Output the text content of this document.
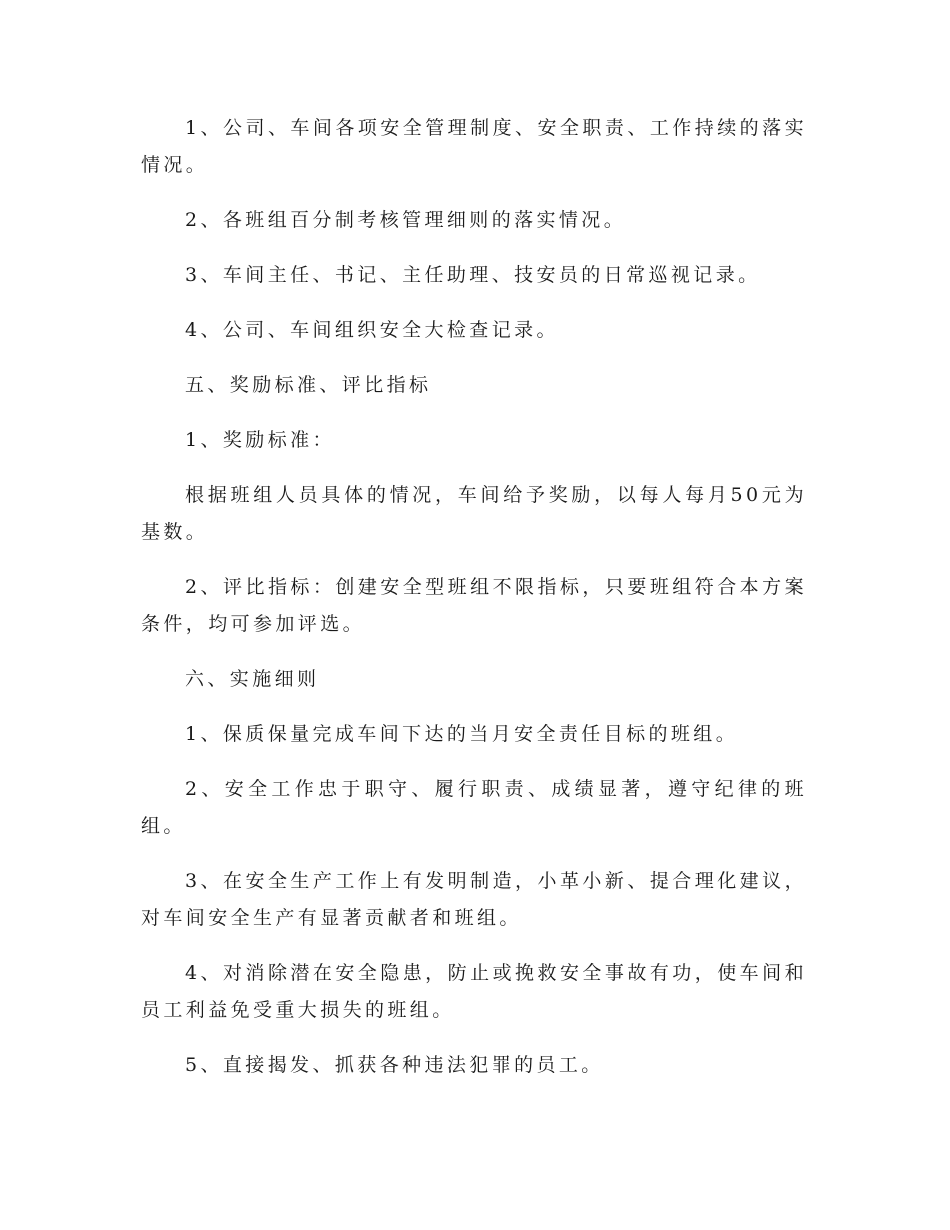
1、公司、车间各项安全管理制度、安全职责、工作持续的落实情况。

2、各班组百分制考核管理细则的落实情况。

3、车间主任、书记、主任助理、技安员的日常巡视记录。

4、公司、车间组织安全大检查记录。

五、奖励标准、评比指标

1、奖励标准：

根据班组人员具体的情况，车间给予奖励，以每人每月50元为基数。

2、评比指标：创建安全型班组不限指标，只要班组符合本方案条件，均可参加评选。

六、实施细则

1、保质保量完成车间下达的当月安全责任目标的班组。

2、安全工作忠于职守、履行职责、成绩显著，遵守纪律的班组。

3、在安全生产工作上有发明制造，小革小新、提合理化建议，对车间安全生产有显著贡献者和班组。

4、对消除潜在安全隐患，防止或挽救安全事故有功，使车间和员工利益免受重大损失的班组。

5、直接揭发、抓获各种违法犯罪的员工。
